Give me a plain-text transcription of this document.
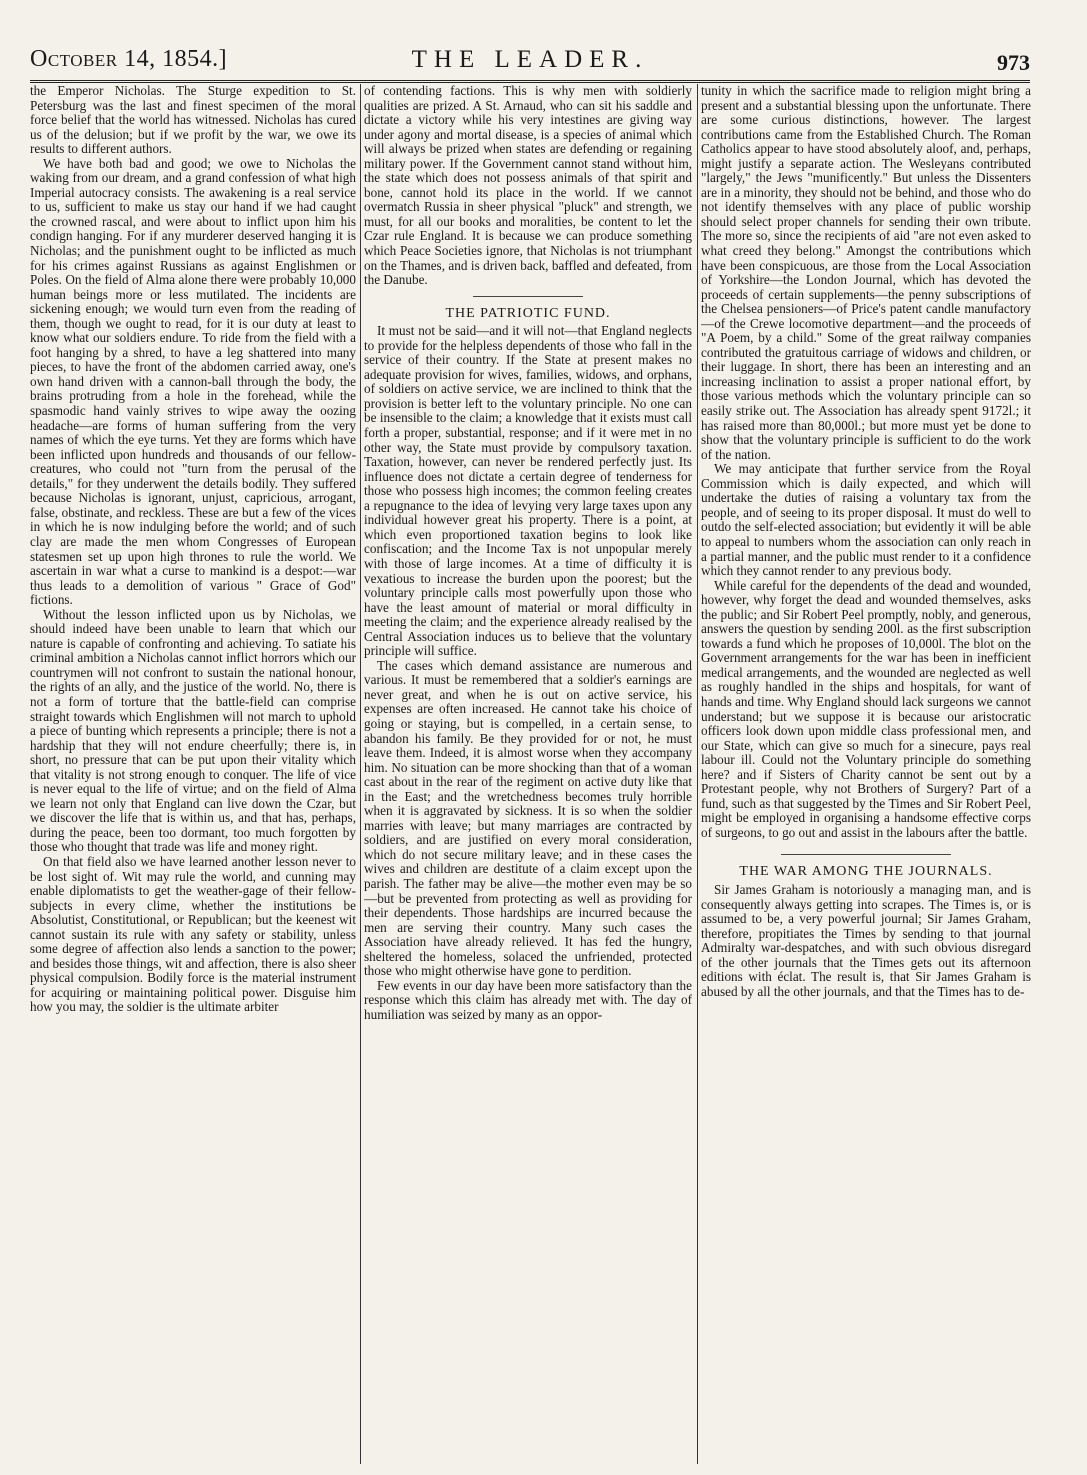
October 14, 1854.]	THE LEADER.	973

the Emperor Nicholas. The Sturge expedition to St. Petersburg was the last and finest specimen of the moral force belief that the world has witnessed. Nicholas has cured us of the delusion; but if we profit by the war, we owe its results to different authors.

We have both bad and good; we owe to Nicholas the waking from our dream, and a grand confession of what high Imperial autocracy consists. The awakening is a real service to us, sufficient to make us stay our hand if we had caught the crowned rascal, and were about to inflict upon him his condign hanging. For if any murderer deserved hanging it is Nicholas; and the punishment ought to be inflicted as much for his crimes against Russians as against Englishmen or Poles. On the field of Alma alone there were probably 10,000 human beings more or less mutilated. The incidents are sickening enough; we would turn even from the reading of them, though we ought to read, for it is our duty at least to know what our soldiers endure. To ride from the field with a foot hanging by a shred, to have a leg shattered into many pieces, to have the front of the abdomen carried away, one's own hand driven with a cannon-ball through the body, the brains protruding from a hole in the forehead, while the spasmodic hand vainly strives to wipe away the oozing headache—are forms of human suffering from the very names of which the eye turns. Yet they are forms which have been inflicted upon hundreds and thousands of our fellow-creatures, who could not "turn from the perusal of the details," for they underwent the details bodily. They suffered because Nicholas is ignorant, unjust, capricious, arrogant, false, obstinate, and reckless. These are but a few of the vices in which he is now indulging before the world; and of such clay are made the men whom Congresses of European statesmen set up upon high thrones to rule the world. We ascertain in war what a curse to mankind is a despot:—war thus leads to a demolition of various " Grace of God" fictions.

Without the lesson inflicted upon us by Nicholas, we should indeed have been unable to learn that which our nature is capable of confronting and achieving. To satiate his criminal ambition a Nicholas cannot inflict horrors which our countrymen will not confront to sustain the national honour, the rights of an ally, and the justice of the world. No, there is not a form of torture that the battle-field can comprise straight towards which Englishmen will not march to uphold a piece of bunting which represents a principle; there is not a hardship that they will not endure cheerfully; there is, in short, no pressure that can be put upon their vitality which that vitality is not strong enough to conquer. The life of vice is never equal to the life of virtue; and on the field of Alma we learn not only that England can live down the Czar, but we discover the life that is within us, and that has, perhaps, during the peace, been too dormant, too much forgotten by those who thought that trade was life and money right.

On that field also we have learned another lesson never to be lost sight of. Wit may rule the world, and cunning may enable diplomatists to get the weather-gage of their fellow-subjects in every clime, whether the institutions be Absolutist, Constitutional, or Republican; but the keenest wit cannot sustain its rule with any safety or stability, unless some degree of affection also lends a sanction to the power; and besides those things, wit and affection, there is also sheer physical compulsion. Bodily force is the material instrument for acquiring or maintaining political power. Disguise him how you may, the soldier is the ultimate arbiter

of contending factions. This is why men with soldierly qualities are prized. A St. Arnaud, who can sit his saddle and dictate a victory while his very intestines are giving way under agony and mortal disease, is a species of animal which will always be prized when states are defending or regaining military power. If the Government cannot stand without him, the state which does not possess animals of that spirit and bone, cannot hold its place in the world. If we cannot overmatch Russia in sheer physical "pluck" and strength, we must, for all our books and moralities, be content to let the Czar rule England. It is because we can produce something which Peace Societies ignore, that Nicholas is not triumphant on the Thames, and is driven back, baffled and defeated, from the Danube.

THE PATRIOTIC FUND.

It must not be said—and it will not—that England neglects to provide for the helpless dependents of those who fall in the service of their country. If the State at present makes no adequate provision for wives, families, widows, and orphans, of soldiers on active service, we are inclined to think that the provision is better left to the voluntary principle. No one can be insensible to the claim; a knowledge that it exists must call forth a proper, substantial, response; and if it were met in no other way, the State must provide by compulsory taxation. Taxation, however, can never be rendered perfectly just. Its influence does not dictate a certain degree of tenderness for those who possess high incomes; the common feeling creates a repugnance to the idea of levying very large taxes upon any individual however great his property. There is a point, at which even proportioned taxation begins to look like confiscation; and the Income Tax is not unpopular merely with those of large incomes. At a time of difficulty it is vexatious to increase the burden upon the poorest; but the voluntary principle calls most powerfully upon those who have the least amount of material or moral difficulty in meeting the claim; and the experience already realised by the Central Association induces us to believe that the voluntary principle will suffice.

The cases which demand assistance are numerous and various. It must be remembered that a soldier's earnings are never great, and when he is out on active service, his expenses are often increased. He cannot take his choice of going or staying, but is compelled, in a certain sense, to abandon his family. Be they provided for or not, he must leave them. Indeed, it is almost worse when they accompany him. No situation can be more shocking than that of a woman cast about in the rear of the regiment on active duty like that in the East; and the wretchedness becomes truly horrible when it is aggravated by sickness. It is so when the soldier marries with leave; but many marriages are contracted by soldiers, and are justified on every moral consideration, which do not secure military leave; and in these cases the wives and children are destitute of a claim except upon the parish. The father may be alive—the mother even may be so—but be prevented from protecting as well as providing for their dependents. Those hardships are incurred because the men are serving their country. Many such cases the Association have already relieved. It has fed the hungry, sheltered the homeless, solaced the unfriended, protected those who might otherwise have gone to perdition.

Few events in our day have been more satisfactory than the response which this claim has already met with. The day of humiliation was seized by many as an oppor-

tunity in which the sacrifice made to religion might bring a present and a substantial blessing upon the unfortunate. There are some curious distinctions, however. The largest contributions came from the Established Church. The Roman Catholics appear to have stood absolutely aloof, and, perhaps, might justify a separate action. The Wesleyans contributed "largely," the Jews "munificently." But unless the Dissenters are in a minority, they should not be behind, and those who do not identify themselves with any place of public worship should select proper channels for sending their own tribute. The more so, since the recipients of aid "are not even asked to what creed they belong." Amongst the contributions which have been conspicuous, are those from the Local Association of Yorkshire—the London Journal, which has devoted the proceeds of certain supplements—the penny subscriptions of the Chelsea pensioners—of Price's patent candle manufactory—of the Crewe locomotive department—and the proceeds of "A Poem, by a child." Some of the great railway companies contributed the gratuitous carriage of widows and children, or their luggage. In short, there has been an interesting and an increasing inclination to assist a proper national effort, by those various methods which the voluntary principle can so easily strike out. The Association has already spent 9172l.; it has raised more than 80,000l.; but more must yet be done to show that the voluntary principle is sufficient to do the work of the nation.

We may anticipate that further service from the Royal Commission which is daily expected, and which will undertake the duties of raising a voluntary tax from the people, and of seeing to its proper disposal. It must do well to outdo the self-elected association; but evidently it will be able to appeal to numbers whom the association can only reach in a partial manner, and the public must render to it a confidence which they cannot render to any previous body.

While careful for the dependents of the dead and wounded, however, why forget the dead and wounded themselves, asks the public; and Sir Robert Peel promptly, nobly, and generous, answers the question by sending 200l. as the first subscription towards a fund which he proposes of 10,000l. The blot on the Government arrangements for the war has been in inefficient medical arrangements, and the wounded are neglected as well as roughly handled in the ships and hospitals, for want of hands and time. Why England should lack surgeons we cannot understand; but we suppose it is because our aristocratic officers look down upon middle class professional men, and our State, which can give so much for a sinecure, pays real labour ill. Could not the Voluntary principle do something here? and if Sisters of Charity cannot be sent out by a Protestant people, why not Brothers of Surgery? Part of a fund, such as that suggested by the Times and Sir Robert Peel, might be employed in organising a handsome effective corps of surgeons, to go out and assist in the labours after the battle.

THE WAR AMONG THE JOURNALS.

Sir James Graham is notoriously a managing man, and is consequently always getting into scrapes. The Times is, or is assumed to be, a very powerful journal; Sir James Graham, therefore, propitiates the Times by sending to that journal Admiralty war-despatches, and with such obvious disregard of the other journals that the Times gets out its afternoon editions with éclat. The result is, that Sir James Graham is abused by all the other journals, and that the Times has to de-
